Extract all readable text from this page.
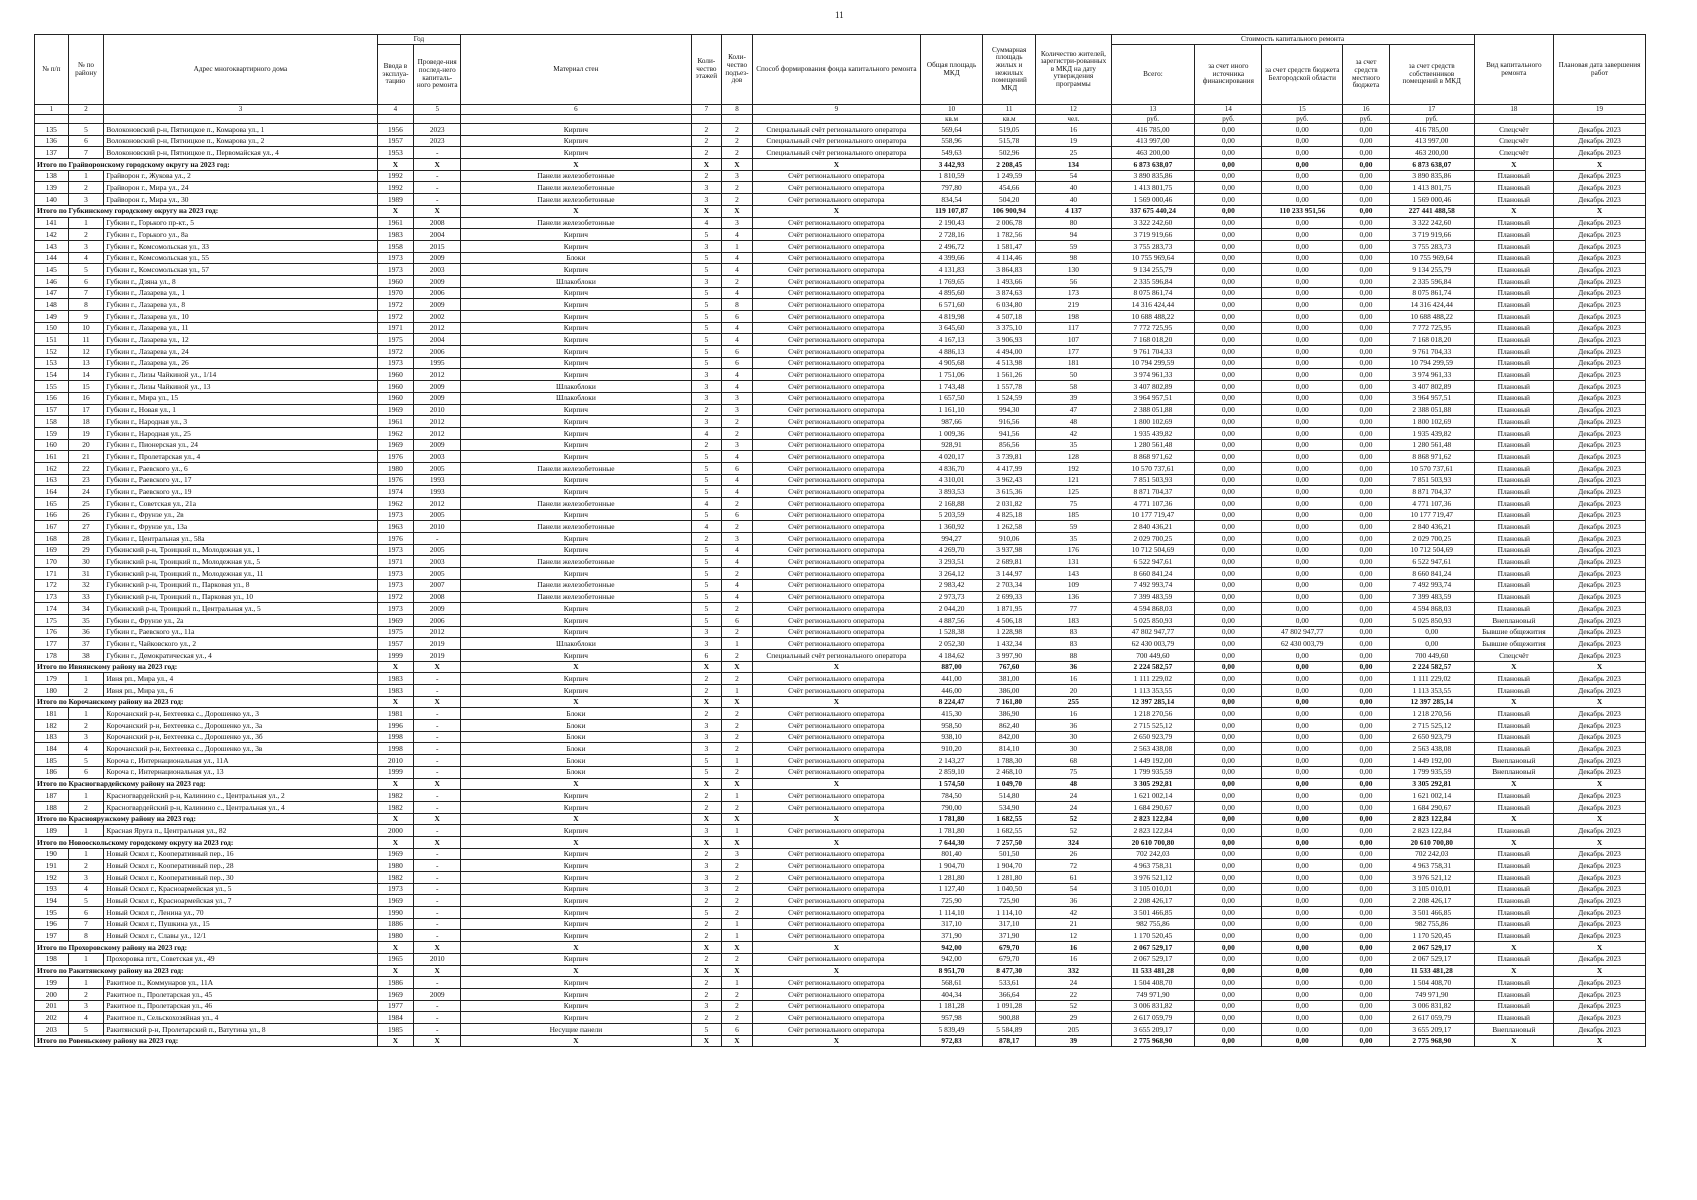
11
№ п/п	№ по району	Адрес многоквартирного дома	Год		Материал стен	Коли-чество этажей	Коли-чество подъез-дов	Способ формирования фонда капитального ремонта	Общая площадь МКД	Суммарная площадь жилых и нежилых помещений МКД	Количество жителей, зарегистри-рованных в МКД на дату утверждения программы	Стоимость капитального ремонта					Вид капитального ремонта	Плановая дата завершения работ
			Ввода в эксплуа-тацию	Проведе-ния послед-него капиталь-ного ремонта								Всего:	за счет иного источника финансирования	за счет средств бюджета Белгородской области	за счет средств местного бюджета	за счет средств собственников помещений в МКД		
1	2	3	4	5	6	7	8	9	10	11	12	13	14	15	16	17	18	19
									кв.м	кв.м	чел.	руб.	руб.	руб.	руб.	руб.		
135	5	Волоконовский р-н, Пятницкое п., Комарова ул., 1	1956	2023	Кирпич	2	2	Специальный счёт регионального оператора	569,64	519,05	16	416 785,00	0,00	0,00	0,00	416 785,00	Спецсчёт	Декабрь 2023
136	6	Волоконовский р-н, Пятницкое п., Комарова ул., 2	1957	2023	Кирпич	2	2	Специальный счёт регионального оператора	558,96	515,78	19	413 997,00	0,00	0,00	0,00	413 997,00	Спецсчёт	Декабрь 2023
137	7	Волоконовский р-н, Пятницкое п., Первомайская ул., 4	1953	-	Кирпич	2	2	Специальный счёт регионального оператора	549,63	502,96	25	463 200,00	0,00	0,00	0,00	463 200,00	Спецсчёт	Декабрь 2023
Итого по Грайворонскому городскому округу на 2023 год:			X	X	X	X	X	X	3 442,93	2 208,45	134	6 873 638,07	0,00	0,00	0,00	6 873 638,07	X	X
138	1	Грайворон г., Жукова ул., 2	1992	-	Панели железобетонные	2	3	Счёт регионального оператора	1 810,59	1 249,59	54	3 890 835,86	0,00	0,00	0,00	3 890 835,86	Плановый	Декабрь 2023
139	2	Грайворон г., Мира ул., 24	1992	-	Панели железобетонные	3	2	Счёт регионального оператора	797,80	454,66	40	1 413 801,75	0,00	0,00	0,00	1 413 801,75	Плановый	Декабрь 2023
140	3	Грайворон г., Мира ул., 30	1989	-	Панели железобетонные	3	2	Счёт регионального оператора	834,54	504,20	40	1 569 000,46	0,00	0,00	0,00	1 569 000,46	Плановый	Декабрь 2023
Итого по Губкинскому городскому округу на 2023 год:			X	X	X	X	X	X	119 107,87	106 900,94	4 137	337 675 440,24	0,00	110 233 951,56	0,00	227 441 488,58	X	X
141	1	Губкин г., Горького пр-кт., 5	1961	2008	Панели железобетонные	4	3	Счёт регионального оператора	2 190,43	2 006,78	80	3 322 242,60	0,00	0,00	0,00	3 322 242,60	Плановый	Декабрь 2023
142	2	Губкин г., Горького ул., 8а	1983	2004	Кирпич	5	4	Счёт регионального оператора	2 728,16	1 782,56	94	3 719 919,66	0,00	0,00	0,00	3 719 919,66	Плановый	Декабрь 2023
143	3	Губкин г., Комсомольская ул., 33	1958	2015	Кирпич	3	1	Счёт регионального оператора	2 496,72	1 581,47	59	3 755 283,73	0,00	0,00	0,00	3 755 283,73	Плановый	Декабрь 2023
144	4	Губкин г., Комсомольская ул., 55	1973	2009	Блоки	5	4	Счёт регионального оператора	4 399,66	4 114,46	98	10 755 969,64	0,00	0,00	0,00	10 755 969,64	Плановый	Декабрь 2023
145	5	Губкин г., Комсомольская ул., 57	1973	2003	Кирпич	5	4	Счёт регионального оператора	4 131,83	3 864,83	130	9 134 255,79	0,00	0,00	0,00	9 134 255,79	Плановый	Декабрь 2023
146	6	Губкин г., Дзяна ул., 8	1960	2009	Шлакоблоки	3	2	Счёт регионального оператора	1 769,65	1 493,66	56	2 335 596,84	0,00	0,00	0,00	2 335 596,84	Плановый	Декабрь 2023
147	7	Губкин г., Лазарева ул., 1	1970	2006	Кирпич	5	4	Счёт регионального оператора	4 895,60	3 874,63	173	8 075 861,74	0,00	0,00	0,00	8 075 861,74	Плановый	Декабрь 2023
148	8	Губкин г., Лазарева ул., 8	1972	2009	Кирпич	5	8	Счёт регионального оператора	6 571,60	6 034,80	219	14 316 424,44	0,00	0,00	0,00	14 316 424,44	Плановый	Декабрь 2023
149	9	Губкин г., Лазарева ул., 10	1972	2002	Кирпич	5	6	Счёт регионального оператора	4 819,98	4 507,18	198	10 688 488,22	0,00	0,00	0,00	10 688 488,22	Плановый	Декабрь 2023
150	10	Губкин г., Лазарева ул., 11	1971	2012	Кирпич	5	4	Счёт регионального оператора	3 645,60	3 375,10	117	7 772 725,95	0,00	0,00	0,00	7 772 725,95	Плановый	Декабрь 2023
151	11	Губкин г., Лазарева ул., 12	1975	2004	Кирпич	5	4	Счёт регионального оператора	4 167,13	3 906,93	107	7 168 018,20	0,00	0,00	0,00	7 168 018,20	Плановый	Декабрь 2023
152	12	Губкин г., Лазарева ул., 24	1972	2006	Кирпич	5	6	Счёт регионального оператора	4 886,13	4 494,00	177	9 761 704,33	0,00	0,00	0,00	9 761 704,33	Плановый	Декабрь 2023
153	13	Губкин г., Лазарева ул., 26	1973	1995	Кирпич	5	6	Счёт регионального оператора	4 905,68	4 513,98	181	10 794 299,59	0,00	0,00	0,00	10 794 299,59	Плановый	Декабрь 2023
154	14	Губкин г., Лизы Чайкиной ул., 1/14	1960	2012	Кирпич	3	4	Счёт регионального оператора	1 751,06	1 561,26	50	3 974 961,33	0,00	0,00	0,00	3 974 961,33	Плановый	Декабрь 2023
155	15	Губкин г., Лизы Чайкиной ул., 13	1960	2009	Шлакоблоки	3	4	Счёт регионального оператора	1 743,48	1 557,78	58	3 407 802,89	0,00	0,00	0,00	3 407 802,89	Плановый	Декабрь 2023
156	16	Губкин г., Мира ул., 15	1960	2009	Шлакоблоки	3	3	Счёт регионального оператора	1 657,50	1 524,59	39	3 964 957,51	0,00	0,00	0,00	3 964 957,51	Плановый	Декабрь 2023
157	17	Губкин г., Новая ул., 1	1969	2010	Кирпич	2	3	Счёт регионального оператора	1 161,10	994,30	47	2 388 051,88	0,00	0,00	0,00	2 388 051,88	Плановый	Декабрь 2023
158	18	Губкин г., Народная ул., 3	1961	2012	Кирпич	3	2	Счёт регионального оператора	987,66	916,56	48	1 800 102,69	0,00	0,00	0,00	1 800 102,69	Плановый	Декабрь 2023
159	19	Губкин г., Народная ул., 25	1962	2012	Кирпич	4	2	Счёт регионального оператора	1 009,36	941,56	42	1 935 439,82	0,00	0,00	0,00	1 935 439,82	Плановый	Декабрь 2023
160	20	Губкин г., Пионерская ул., 24	1969	2009	Кирпич	2	3	Счёт регионального оператора	928,91	856,56	35	1 280 561,48	0,00	0,00	0,00	1 280 561,48	Плановый	Декабрь 2023
161	21	Губкин г., Пролетарская ул., 4	1976	2003	Кирпич	5	4	Счёт регионального оператора	4 020,17	3 739,81	128	8 868 971,62	0,00	0,00	0,00	8 868 971,62	Плановый	Декабрь 2023
162	22	Губкин г., Раевского ул., 6	1980	2005	Панели железобетонные	5	6	Счёт регионального оператора	4 836,70	4 417,99	192	10 570 737,61	0,00	0,00	0,00	10 570 737,61	Плановый	Декабрь 2023
163	23	Губкин г., Раевского ул., 17	1976	1993	Кирпич	5	4	Счёт регионального оператора	4 310,01	3 962,43	121	7 851 503,93	0,00	0,00	0,00	7 851 503,93	Плановый	Декабрь 2023
164	24	Губкин г., Раевского ул., 19	1974	1993	Кирпич	5	4	Счёт регионального оператора	3 893,53	3 615,36	125	8 871 704,37	0,00	0,00	0,00	8 871 704,37	Плановый	Декабрь 2023
165	25	Губкин г., Советская ул., 21а	1962	2012	Панели железобетонные	4	2	Счёт регионального оператора	2 168,88	2 031,82	75	4 771 107,36	0,00	0,00	0,00	4 771 107,36	Плановый	Декабрь 2023
166	26	Губкин г., Фрунзе ул., 2в	1973	2005	Кирпич	5	6	Счёт регионального оператора	5 203,59	4 825,18	185	10 177 719,47	0,00	0,00	0,00	10 177 719,47	Плановый	Декабрь 2023
167	27	Губкин г., Фрунзе ул., 13а	1963	2010	Панели железобетонные	4	2	Счёт регионального оператора	1 360,92	1 262,58	59	2 840 436,21	0,00	0,00	0,00	2 840 436,21	Плановый	Декабрь 2023
168	28	Губкин г., Центральная ул., 58а	1976	-	Кирпич	2	3	Счёт регионального оператора	994,27	910,06	35	2 029 700,25	0,00	0,00	0,00	2 029 700,25	Плановый	Декабрь 2023
169	29	Губкинский р-н, Троицкий п., Молодежная ул., 1	1973	2005	Кирпич	5	4	Счёт регионального оператора	4 269,70	3 937,98	176	10 712 504,69	0,00	0,00	0,00	10 712 504,69	Плановый	Декабрь 2023
170	30	Губкинский р-н, Троицкий п., Молодежная ул., 5	1971	2003	Панели железобетонные	5	4	Счёт регионального оператора	3 293,51	2 689,81	131	6 522 947,61	0,00	0,00	0,00	6 522 947,61	Плановый	Декабрь 2023
171	31	Губкинский р-н, Троицкий п., Молодежная ул., 11	1973	2005	Кирпич	5	2	Счёт регионального оператора	3 264,12	3 144,97	143	8 660 841,24	0,00	0,00	0,00	8 660 841,24	Плановый	Декабрь 2023
172	32	Губкинский р-н, Троицкий п., Парковая ул., 8	1973	2007	Панели железобетонные	5	4	Счёт регионального оператора	2 983,42	2 703,34	109	7 492 993,74	0,00	0,00	0,00	7 492 993,74	Плановый	Декабрь 2023
173	33	Губкинский р-н, Троицкий п., Парковая ул., 10	1972	2008	Панели железобетонные	5	4	Счёт регионального оператора	2 973,73	2 699,33	136	7 399 483,59	0,00	0,00	0,00	7 399 483,59	Плановый	Декабрь 2023
174	34	Губкинский р-н, Троицкий п., Центральная ул., 5	1973	2009	Кирпич	5	2	Счёт регионального оператора	2 044,20	1 871,95	77	4 594 868,03	0,00	0,00	0,00	4 594 868,03	Плановый	Декабрь 2023
175	35	Губкин г., Фрунзе ул., 2а	1969	2006	Кирпич	5	6	Счёт регионального оператора	4 887,56	4 506,18	183	5 025 850,93	0,00	0,00	0,00	5 025 850,93	Внеплановый	Декабрь 2023
176	36	Губкин г., Раевского ул., 11а	1975	2012	Кирпич	3	2	Счёт регионального оператора	1 528,38	1 228,98	83	47 802 947,77	0,00	47 802 947,77	0,00	0,00	Бывшие общежития	Декабрь 2023
177	37	Губкин г., Чайковского ул., 2	1957	2019	Шлакоблоки	3	1	Счёт регионального оператора	2 052,30	1 432,34	83	62 430 003,79	0,00	62 430 003,79	0,00	0,00	Бывшие общежития	Декабрь 2023
178	38	Губкин г., Демократическая ул., 4	1999	2019	Кирпич	6	2	Специальный счёт регионального оператора	4 184,62	3 997,90	88	700 449,60	0,00	0,00	0,00	700 449,60	Спецсчёт	Декабрь 2023
Итого по Ивнянскому району на 2023 год:			X	X	X	X	X	X	887,00	767,60	36	2 224 582,57	0,00	0,00	0,00	2 224 582,57	X	X
179	1	Ивня рп., Мира ул., 4	1983	-	Кирпич	2	2	Счёт регионального оператора	441,00	381,00	16	1 111 229,02	0,00	0,00	0,00	1 111 229,02	Плановый	Декабрь 2023
180	2	Ивня рп., Мира ул., 6	1983	-	Кирпич	2	1	Счёт регионального оператора	446,00	386,00	20	1 113 353,55	0,00	0,00	0,00	1 113 353,55	Плановый	Декабрь 2023
Итого по Корочанскому району на 2023 год:			X	X	X	X	X	X	8 224,47	7 161,80	255	12 397 285,14	0,00	0,00	0,00	12 397 285,14	X	X
181	1	Корочанский р-н, Бехтеевка с., Дорошенко ул., 3	1981	-	Блоки	2	2	Счёт регионального оператора	415,30	386,90	16	1 218 270,56	0,00	0,00	0,00	1 218 270,56	Плановый	Декабрь 2023
182	2	Корочанский р-н, Бехтеевка с., Дорошенко ул., 3а	1996	-	Блоки	3	2	Счёт регионального оператора	958,50	862,40	36	2 715 525,12	0,00	0,00	0,00	2 715 525,12	Плановый	Декабрь 2023
183	3	Корочанский р-н, Бехтеевка с., Дорошенко ул., 3б	1998	-	Блоки	3	2	Счёт регионального оператора	938,10	842,00	30	2 650 923,79	0,00	0,00	0,00	2 650 923,79	Плановый	Декабрь 2023
184	4	Корочанский р-н, Бехтеевка с., Дорошенко ул., 3в	1998	-	Блоки	3	2	Счёт регионального оператора	910,20	814,10	30	2 563 438,08	0,00	0,00	0,00	2 563 438,08	Плановый	Декабрь 2023
185	5	Короча г., Интернациональная ул., 11А	2010	-	Блоки	5	1	Счёт регионального оператора	2 143,27	1 788,30	68	1 449 192,00	0,00	0,00	0,00	1 449 192,00	Внеплановый	Декабрь 2023
186	6	Короча г., Интернациональная ул., 13	1999	-	Блоки	5	2	Счёт регионального оператора	2 859,10	2 468,10	75	1 799 935,59	0,00	0,00	0,00	1 799 935,59	Внеплановый	Декабрь 2023
Итого по Красногвардейскому району на 2023 год:			X	X	X	X	X	X	1 574,50	1 049,70	48	3 305 292,81	0,00	0,00	0,00	3 305 292,81	X	X
187	1	Красногвардейский р-н, Калинино с., Центральная ул., 2	1982	-	Кирпич	2	1	Счёт регионального оператора	784,50	514,80	24	1 621 002,14	0,00	0,00	0,00	1 621 002,14	Плановый	Декабрь 2023
188	2	Красногвардейский р-н, Калинино с., Центральная ул., 4	1982	-	Кирпич	2	2	Счёт регионального оператора	790,00	534,90	24	1 684 290,67	0,00	0,00	0,00	1 684 290,67	Плановый	Декабрь 2023
Итого по Краснояружскому району на 2023 год:			X	X	X	X	X	X	1 781,80	1 682,55	52	2 823 122,84	0,00	0,00	0,00	2 823 122,84	X	X
189	1	Красная Яруга п., Центральная ул., 82	2000	-	Кирпич	3	1	Счёт регионального оператора	1 781,80	1 682,55	52	2 823 122,84	0,00	0,00	0,00	2 823 122,84	Плановый	Декабрь 2023
Итого по Новооскольскому городскому округу на 2023 год:			X	X	X	X	X	X	7 644,30	7 257,50	324	20 610 700,80	0,00	0,00	0,00	20 610 700,80	X	X
190	1	Новый Оскол г., Кооперативный пер., 16	1969	-	Кирпич	2	3	Счёт регионального оператора	801,40	501,50	26	702 242,03	0,00	0,00	0,00	702 242,03	Плановый	Декабрь 2023
191	2	Новый Оскол г., Кооперативный пер., 28	1980	-	Кирпич	3	2	Счёт регионального оператора	1 904,70	1 904,70	72	4 963 758,31	0,00	0,00	0,00	4 963 758,31	Плановый	Декабрь 2023
192	3	Новый Оскол г., Кооперативный пер., 30	1982	-	Кирпич	3	2	Счёт регионального оператора	1 281,80	1 281,80	61	3 976 521,12	0,00	0,00	0,00	3 976 521,12	Плановый	Декабрь 2023
193	4	Новый Оскол г., Красноармейская ул., 5	1973	-	Кирпич	3	2	Счёт регионального оператора	1 127,40	1 040,50	54	3 105 010,01	0,00	0,00	0,00	3 105 010,01	Плановый	Декабрь 2023
194	5	Новый Оскол г., Красноармейская ул., 7	1969	-	Кирпич	2	2	Счёт регионального оператора	725,90	725,90	36	2 208 426,17	0,00	0,00	0,00	2 208 426,17	Плановый	Декабрь 2023
195	6	Новый Оскол г., Ленина ул., 70	1990	-	Кирпич	5	2	Счёт регионального оператора	1 114,10	1 114,10	42	3 501 466,85	0,00	0,00	0,00	3 501 466,85	Плановый	Декабрь 2023
196	7	Новый Оскол г., Пушкина ул., 15	1886	-	Кирпич	2	1	Счёт регионального оператора	317,10	317,10	21	982 755,86	0,00	0,00	0,00	982 755,86	Плановый	Декабрь 2023
197	8	Новый Оскол г., Славы ул., 12/1	1980	-	Кирпич	2	1	Счёт регионального оператора	371,90	371,90	12	1 170 520,45	0,00	0,00	0,00	1 170 520,45	Плановый	Декабрь 2023
Итого по Прохоровскому району на 2023 год:			X	X	X	X	X	X	942,00	679,70	16	2 067 529,17	0,00	0,00	0,00	2 067 529,17	X	X
198	1	Прохоровка пгт., Советская ул., 49	1965	2010	Кирпич	2	2	Счёт регионального оператора	942,00	679,70	16	2 067 529,17	0,00	0,00	0,00	2 067 529,17	Плановый	Декабрь 2023
Итого по Ракитянскому району на 2023 год:			X	X	X	X	X	X	8 951,70	8 477,30	332	11 533 481,28	0,00	0,00	0,00	11 533 481,28	X	X
199	1	Ракитное п., Коммунаров ул., 11А	1986	-	Кирпич	2	1	Счёт регионального оператора	568,61	533,61	24	1 504 408,70	0,00	0,00	0,00	1 504 408,70	Плановый	Декабрь 2023
200	2	Ракитное п., Пролетарская ул., 45	1969	2009	Кирпич	2	2	Счёт регионального оператора	404,34	366,64	22	749 971,90	0,00	0,00	0,00	749 971,90	Плановый	Декабрь 2023
201	3	Ракитное п., Пролетарская ул., 46	1977	-	Кирпич	3	2	Счёт регионального оператора	1 181,28	1 091,28	52	3 006 831,82	0,00	0,00	0,00	3 006 831,82	Плановый	Декабрь 2023
202	4	Ракитное п., Сельскохозяйная ул., 4	1984	-	Кирпич	2	2	Счёт регионального оператора	957,98	900,88	29	2 617 059,79	0,00	0,00	0,00	2 617 059,79	Плановый	Декабрь 2023
203	5	Ракитянский р-н, Пролетарский п., Ватутина ул., 8	1985	-	Несущие панели	5	6	Счёт регионального оператора	5 839,49	5 584,89	205	3 655 209,17	0,00	0,00	0,00	3 655 209,17	Внеплановый	Декабрь 2023
Итого по Ровеньскому району на 2023 год:			X	X	X	X	X	X	972,83	878,17	39	2 775 968,90	0,00	0,00	0,00	2 775 968,90	X	X
